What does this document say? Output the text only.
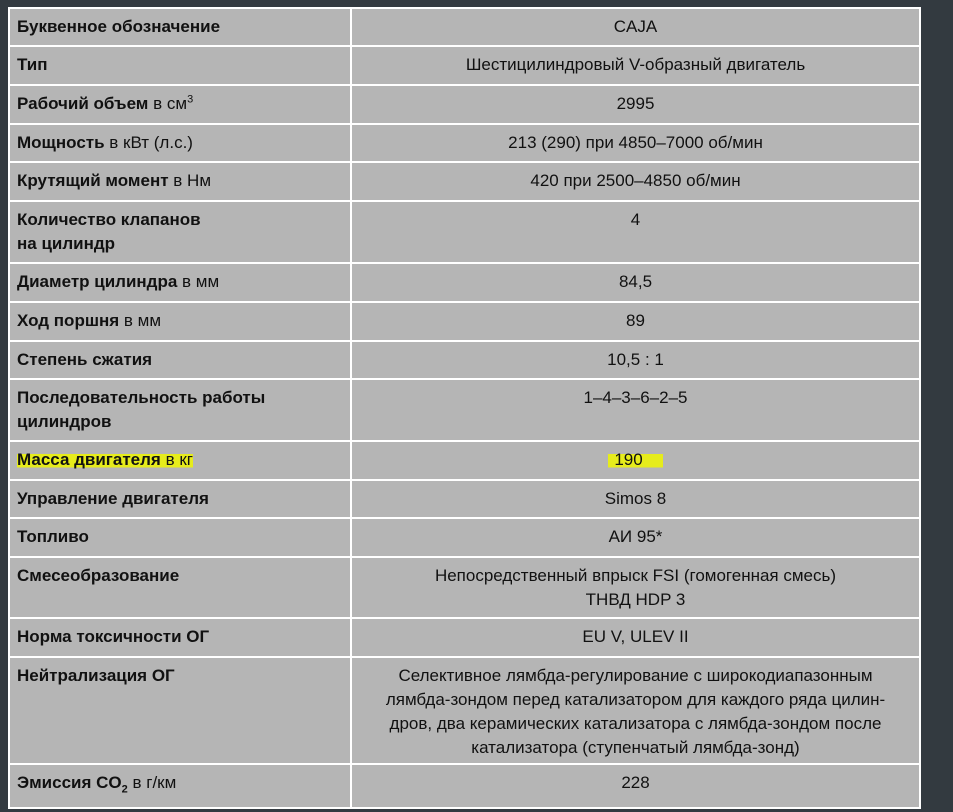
Буквенное обозначение	CAJA

Тип	Шестицилиндровый V-образный двигатель

Рабочий объем в $см^3$	2995

Мощность в кВт (л.с.)	213 (290) при 4850–7000 об/мин

Крутящий момент в Нм	420 при 2500–4850 об/мин

Количество клапанов
на цилиндр	4

Диаметр цилиндра в мм	84,5

Ход поршня в мм	89

Степень сжатия	10,5 : 1

Последовательность работы
цилиндров	1–4–3–6–2–5

Масса двигателя в кг	190
Управление двигателя	Simos 8

Топливо	АИ 95*

Смесеобразование	Непосредственный впрыск FSI (гомогенная смесь)
ТНВД HDP 3

Норма токсичности ОГ	EU V, ULEV II

Нейтрализация ОГ	Селективное лямбда-регулирование с широкодиапазонным
лямбда-зондом перед катализатором для каждого ряда цилин-
дров, два керамических катализатора с лямбда-зондом после
катализатора (ступенчатый лямбда-зонд)

Эмиссия $CO_2$ в г/км	228
